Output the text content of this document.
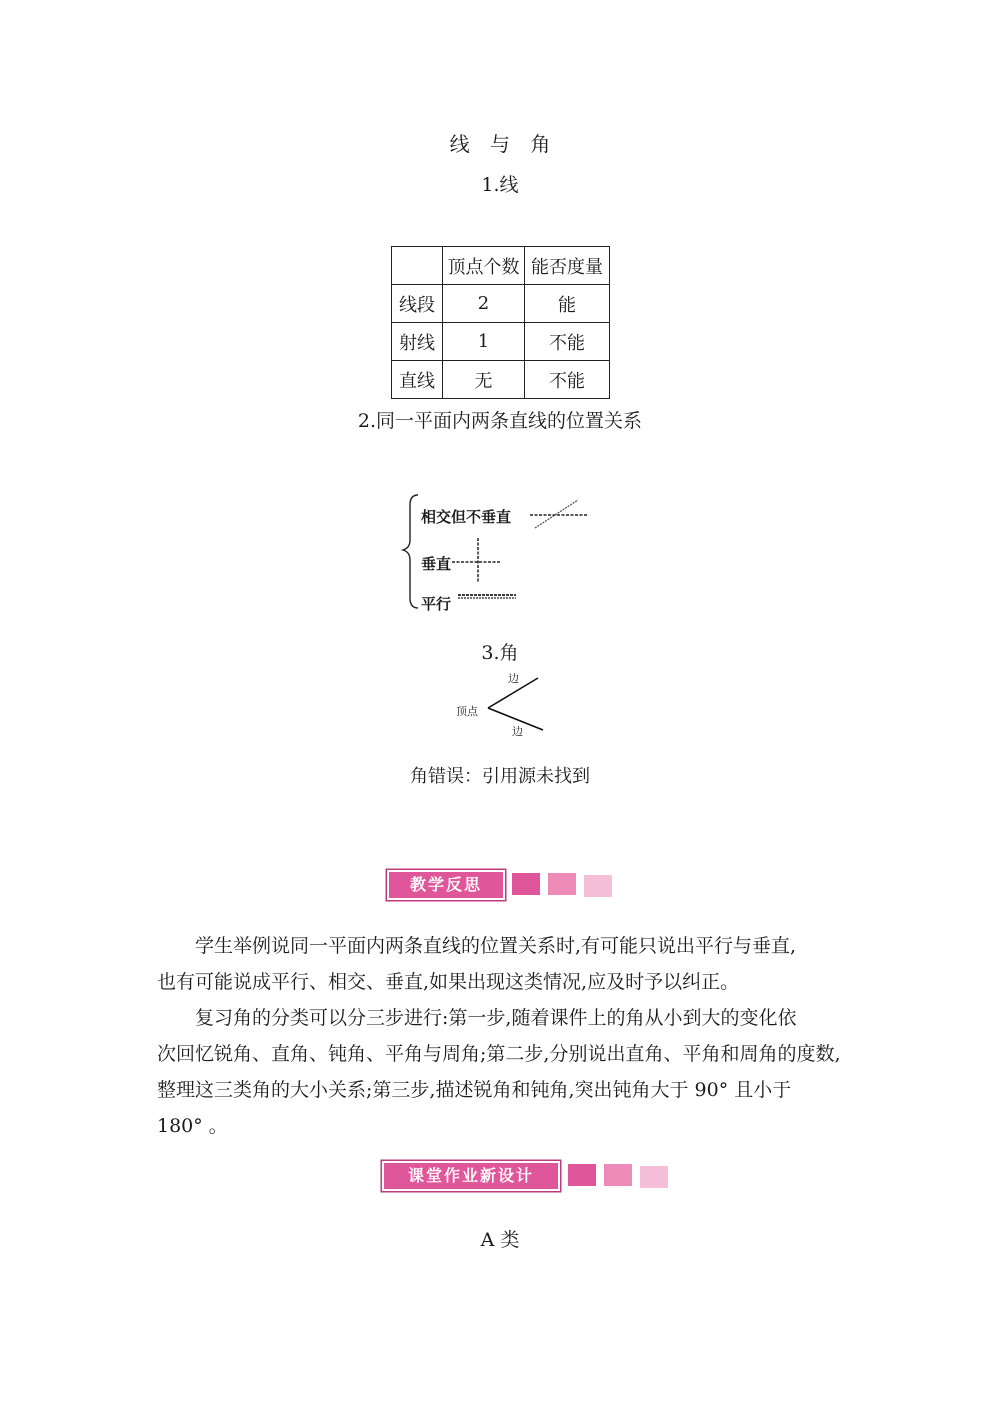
线 与 角
1.线
	顶点个数	能否度量
线段	2	能
射线	1	不能
直线	无	不能
2.同一平面内两条直线的位置关系
相交但不垂直
垂直
平行
3.角
顶点
边
边
角错误：引用源未找到
教学反思

学生举例说同一平面内两条直线的位置关系时,有可能只说出平行与垂直,

也有可能说成平行、相交、垂直,如果出现这类情况,应及时予以纠正。

复习角的分类可以分三步进行:第一步,随着课件上的角从小到大的变化依

次回忆锐角、直角、钝角、平角与周角;第二步,分别说出直角、平角和周角的度数,

整理这三类角的大小关系;第三步,描述锐角和钝角,突出钝角大于 90° 且小于

180° 。

课堂作业新设计
A 类
